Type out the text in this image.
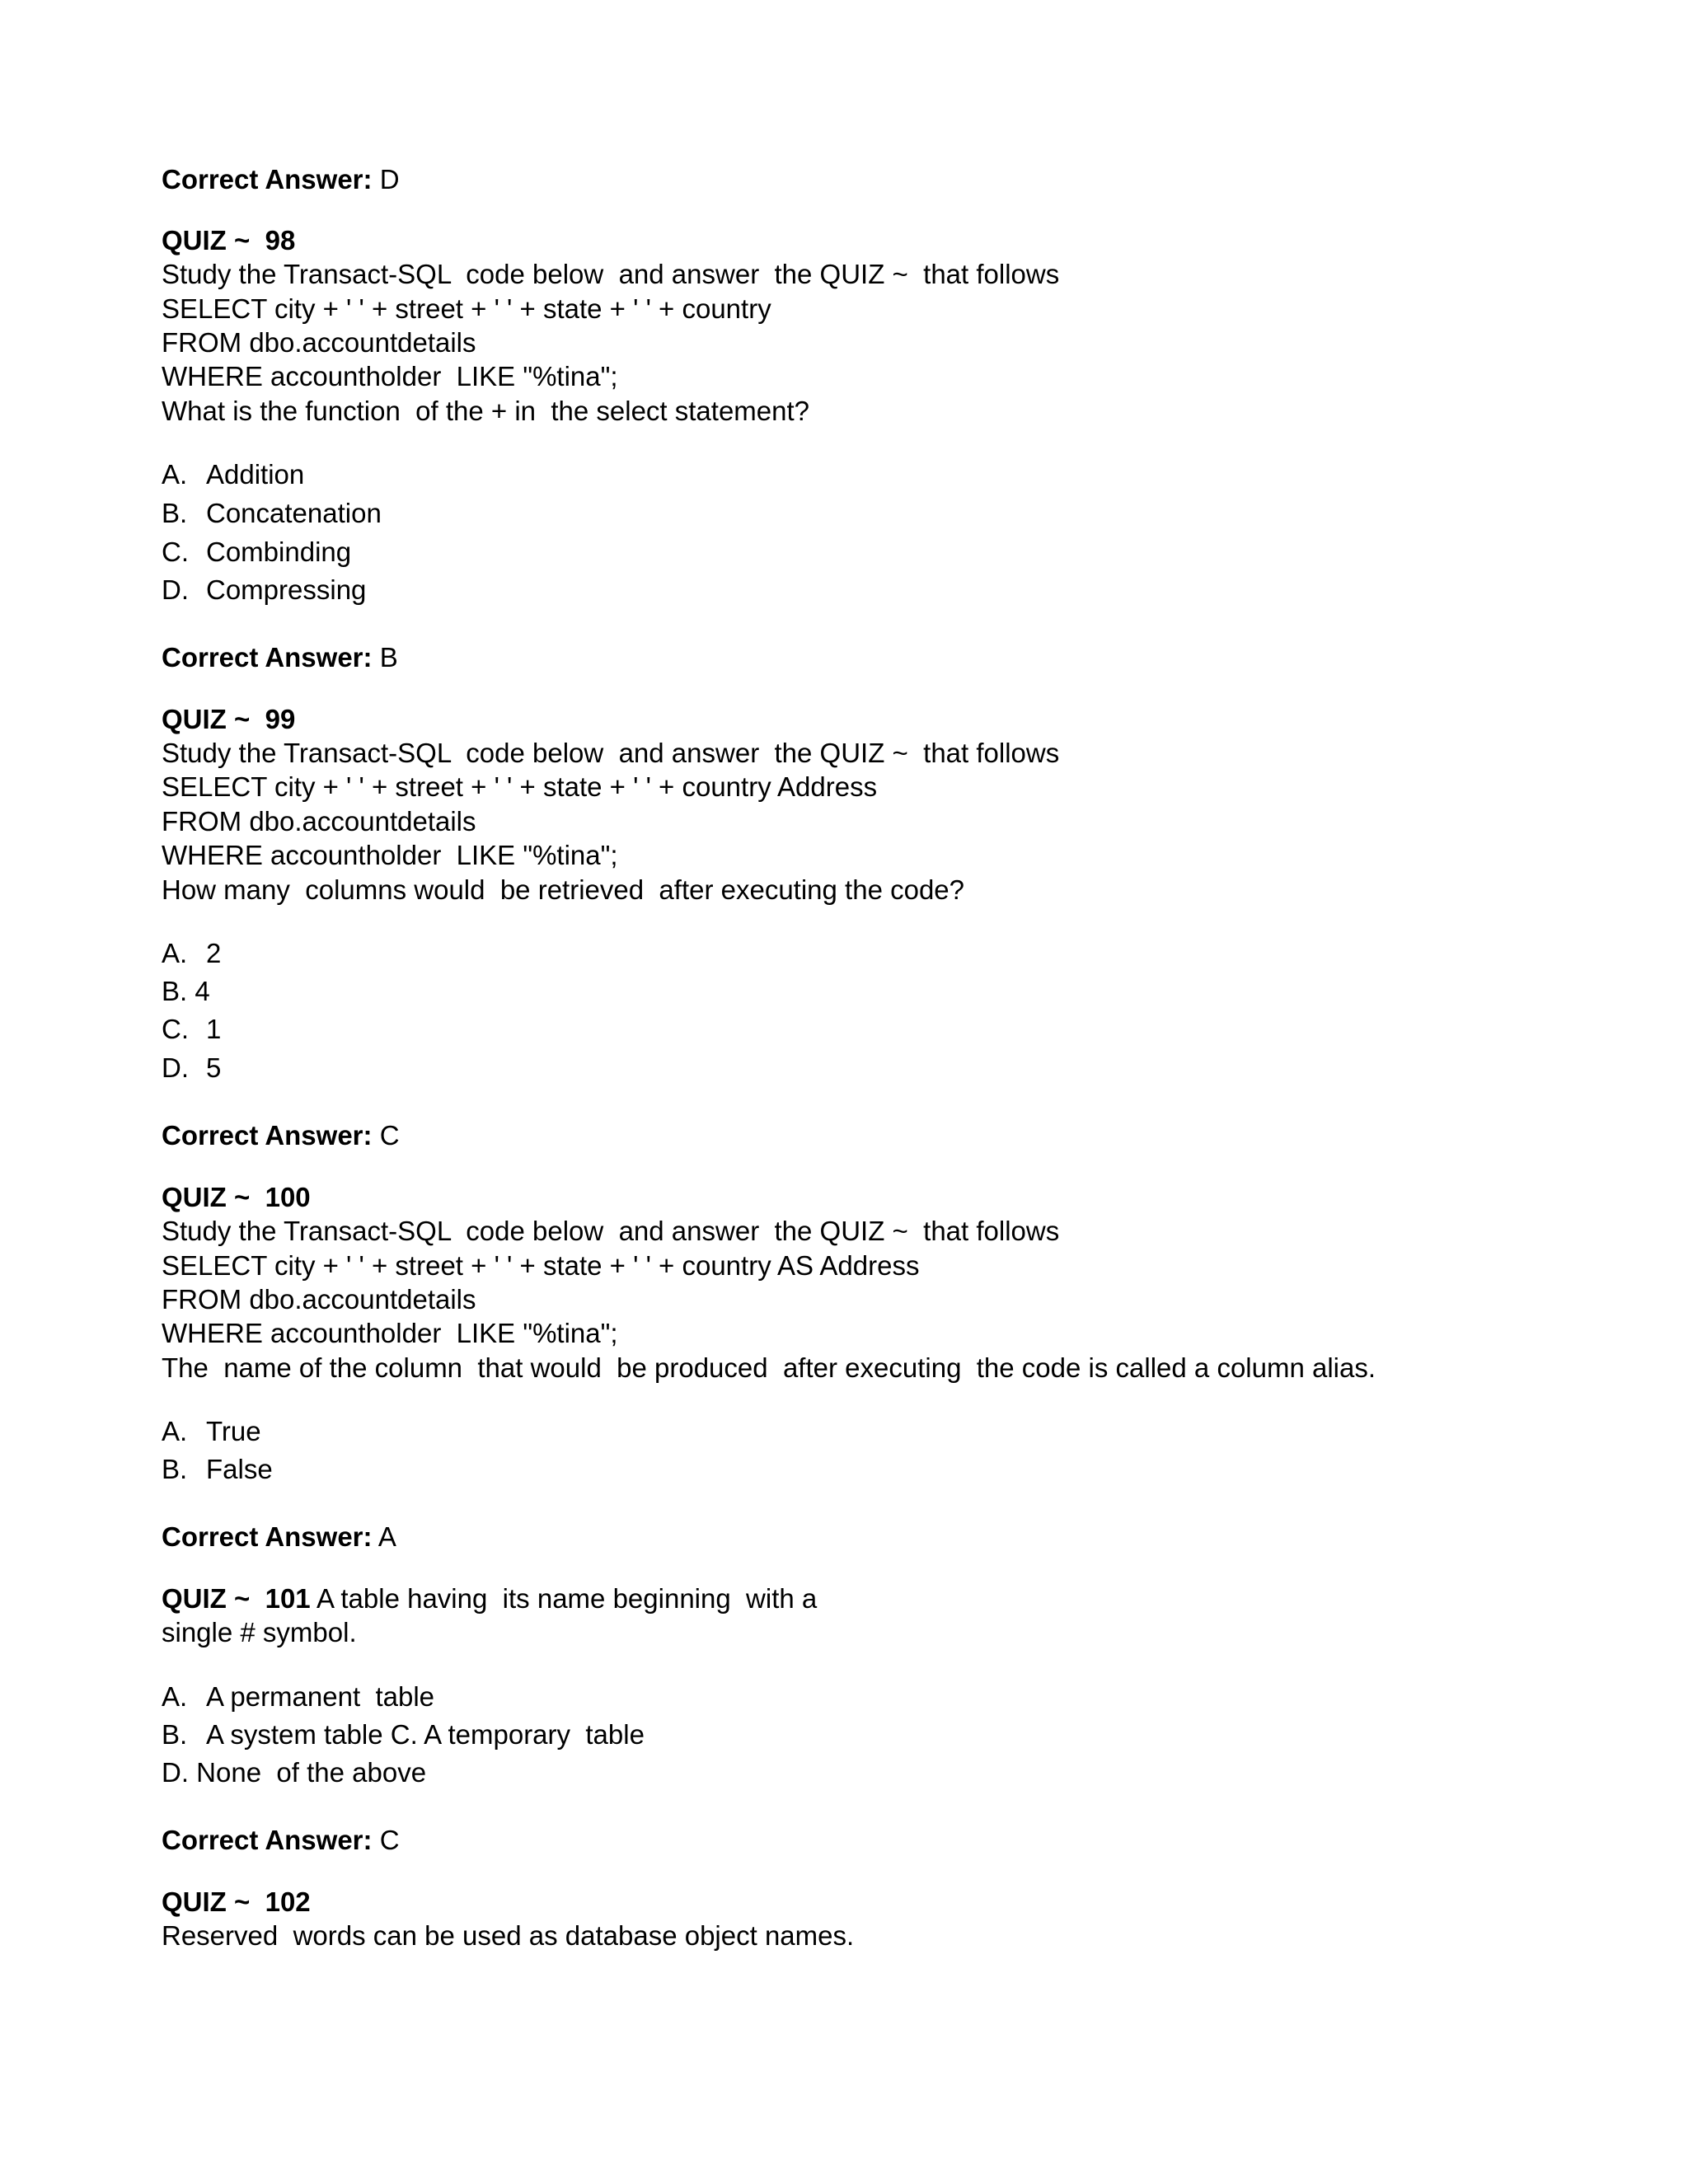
Correct Answer: D
QUIZ ~  98
Study the Transact-SQL  code below  and answer  the QUIZ ~  that follows
SELECT city + ' ' + street + ' ' + state + ' ' + country
FROM dbo.accountdetails
WHERE accountholder  LIKE "%tina";
What is the function  of the + in  the select statement?
A. Addition
B. Concatenation
C. Combinding
D. Compressing
Correct Answer: B
QUIZ ~  99
Study the Transact-SQL  code below  and answer  the QUIZ ~  that follows
SELECT city + ' ' + street + ' ' + state + ' ' + country Address
FROM dbo.accountdetails
WHERE accountholder  LIKE "%tina";
How many  columns would  be retrieved  after executing the code?
A. 2
B. 4
C. 1
D. 5
Correct Answer: C
QUIZ ~  100
Study the Transact-SQL  code below  and answer  the QUIZ ~  that follows
SELECT city + ' ' + street + ' ' + state + ' ' + country AS Address
FROM dbo.accountdetails
WHERE accountholder  LIKE "%tina";
The  name of the column  that would  be produced  after executing  the code is called a column alias.
A. True
B. False
Correct Answer: A
QUIZ ~  101 A table having  its name beginning  with a
single # symbol.
A. A permanent  table
B. A system table C. A temporary  table
D. None  of the above
Correct Answer: C
QUIZ ~  102
Reserved  words can be used as database object names.
